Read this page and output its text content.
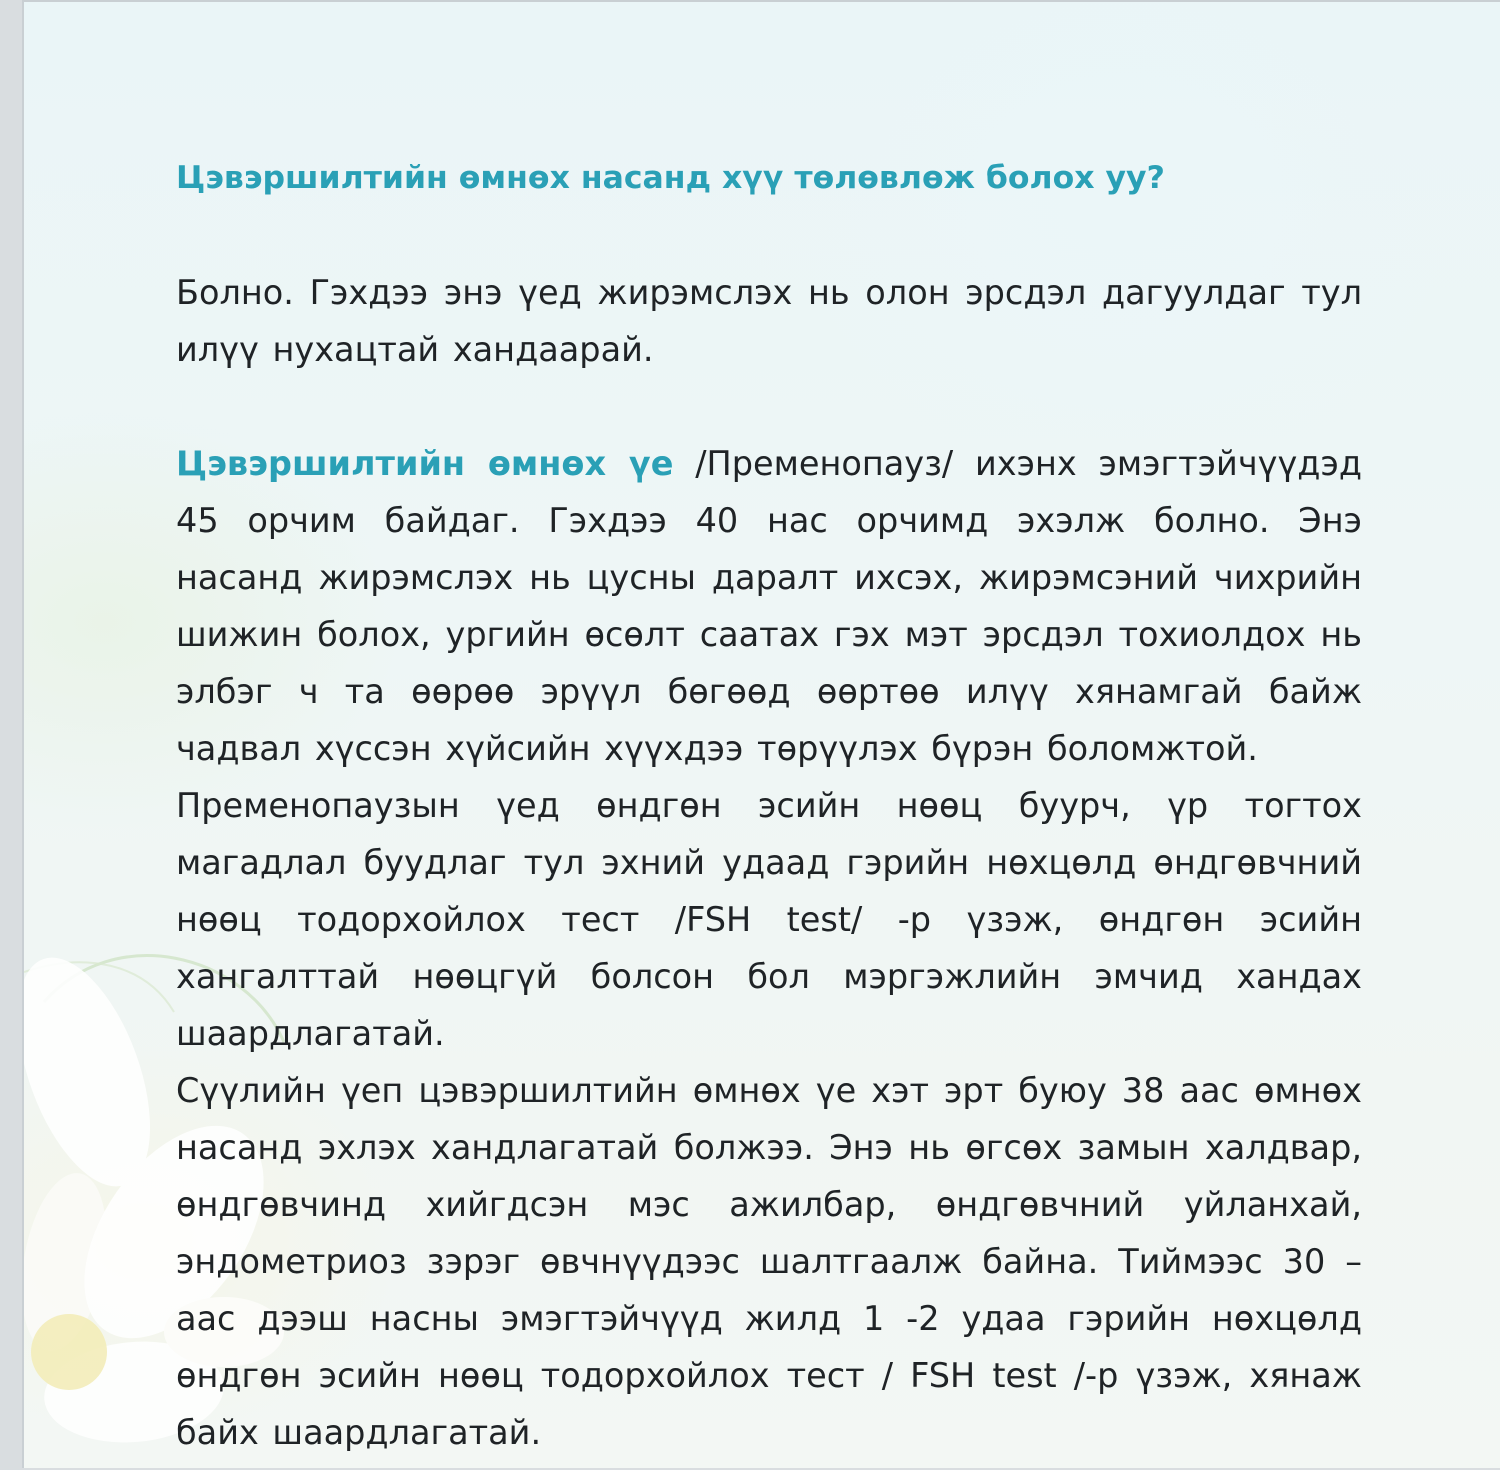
Цэвэршилтийн өмнөх насанд хүү төлөвлөж болох уу?

Болно. Гэхдээ энэ үед жирэмслэх нь олон эрсдэл дагуулдаг тул илүү нухацтай хандаарай.

Цэвэршилтийн өмнөх үе /Пременопауз/ ихэнх эмэгтэйчүүдэд 45 орчим байдаг. Гэхдээ 40 нас орчимд эхэлж болно. Энэ насанд жирэмслэх нь цусны даралт ихсэх, жирэмсэний чихрийн шижин болох, ургийн өсөлт саатах гэх мэт эрсдэл тохиолдох нь элбэг ч та өөрөө эрүүл бөгөөд өөртөө илүү хянамгай байж чадвал хүссэн хүйсийн хүүхдээ төрүүлэх бүрэн боломжтой.

Пременопаузын үед өндгөн эсийн нөөц буурч, үр тогтох магадлал буудлаг тул эхний удаад гэрийн нөхцөлд өндгөвчний нөөц тодорхойлох тест /FSH test/ -р үзэж, өндгөн эсийн хангалттай нөөцгүй болсон бол мэргэжлийн эмчид хандах шаардлагатай.

Сүүлийн үеп цэвэршилтийн өмнөх үе хэт эрт буюу 38 аас өмнөх насанд эхлэх хандлагатай болжээ. Энэ нь өгсөх замын халдвар, өндгөвчинд хийгдсэн мэс ажилбар, өндгөвчний уйланхай, эндометриоз зэрэг өвчнүүдээс шалтгаалж байна. Тиймээс 30 – аас дээш насны эмэгтэйчүүд жилд 1 -2 удаа гэрийн нөхцөлд өндгөн эсийн нөөц тодорхойлох тест / FSH test /-р үзэж, хянаж байх шаардлагатай.
